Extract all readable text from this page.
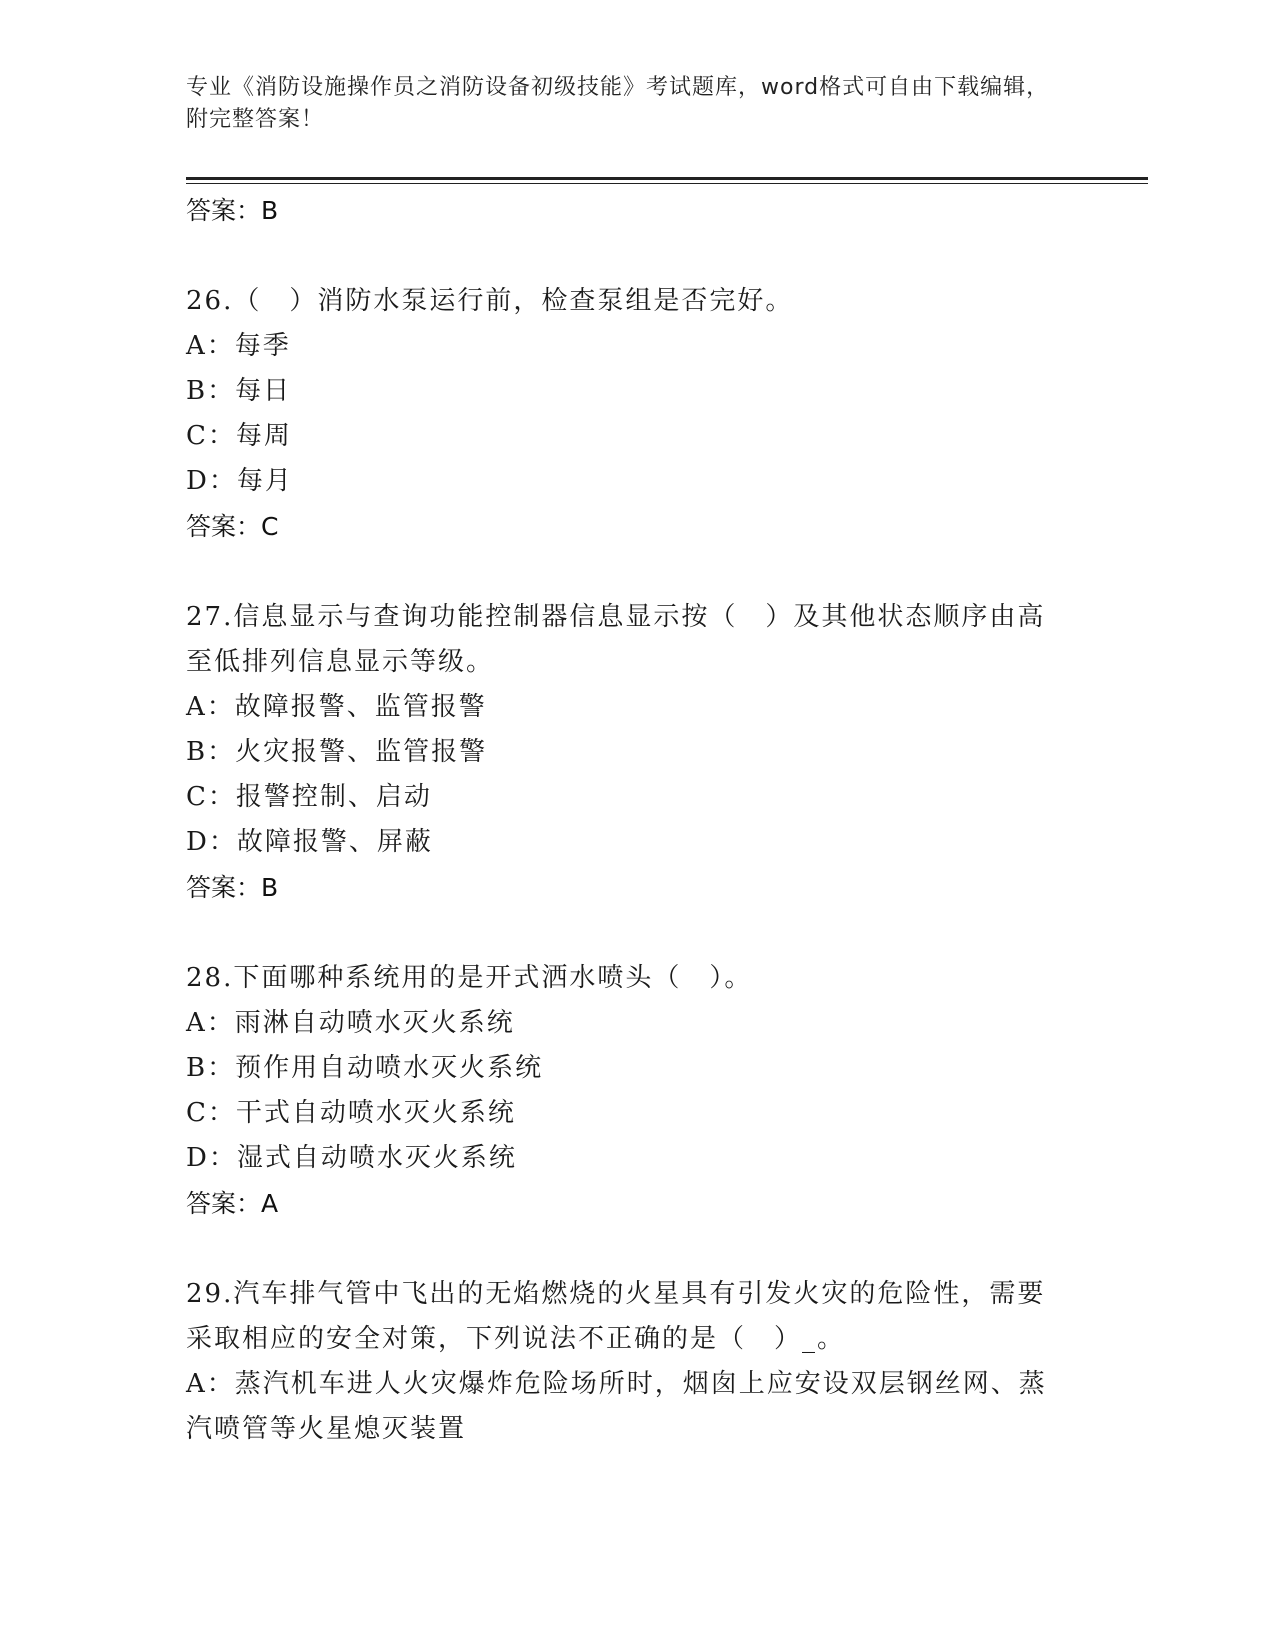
专业《消防设施操作员之消防设备初级技能》考试题库，word格式可自由下载编辑，附完整答案！

答案：B

26.（　）消防水泵运行前，检查泵组是否完好。

A：每季

B：每日

C：每周

D：每月

答案：C

27.信息显示与查询功能控制器信息显示按（　）及其他状态顺序由高至低排列信息显示等级。

A：故障报警、监管报警

B：火灾报警、监管报警

C：报警控制、启动

D：故障报警、屏蔽

答案：B

28.下面哪种系统用的是开式洒水喷头（　）。

A：雨淋自动喷水灭火系统

B：预作用自动喷水灭火系统

C：干式自动喷水灭火系统

D：湿式自动喷水灭火系统

答案：A

29.汽车排气管中飞出的无焰燃烧的火星具有引发火灾的危险性，需要采取相应的安全对策，下列说法不正确的是（　）_。

A：蒸汽机车进人火灾爆炸危险场所时，烟囱上应安设双层钢丝网、蒸汽喷管等火星熄灭装置
